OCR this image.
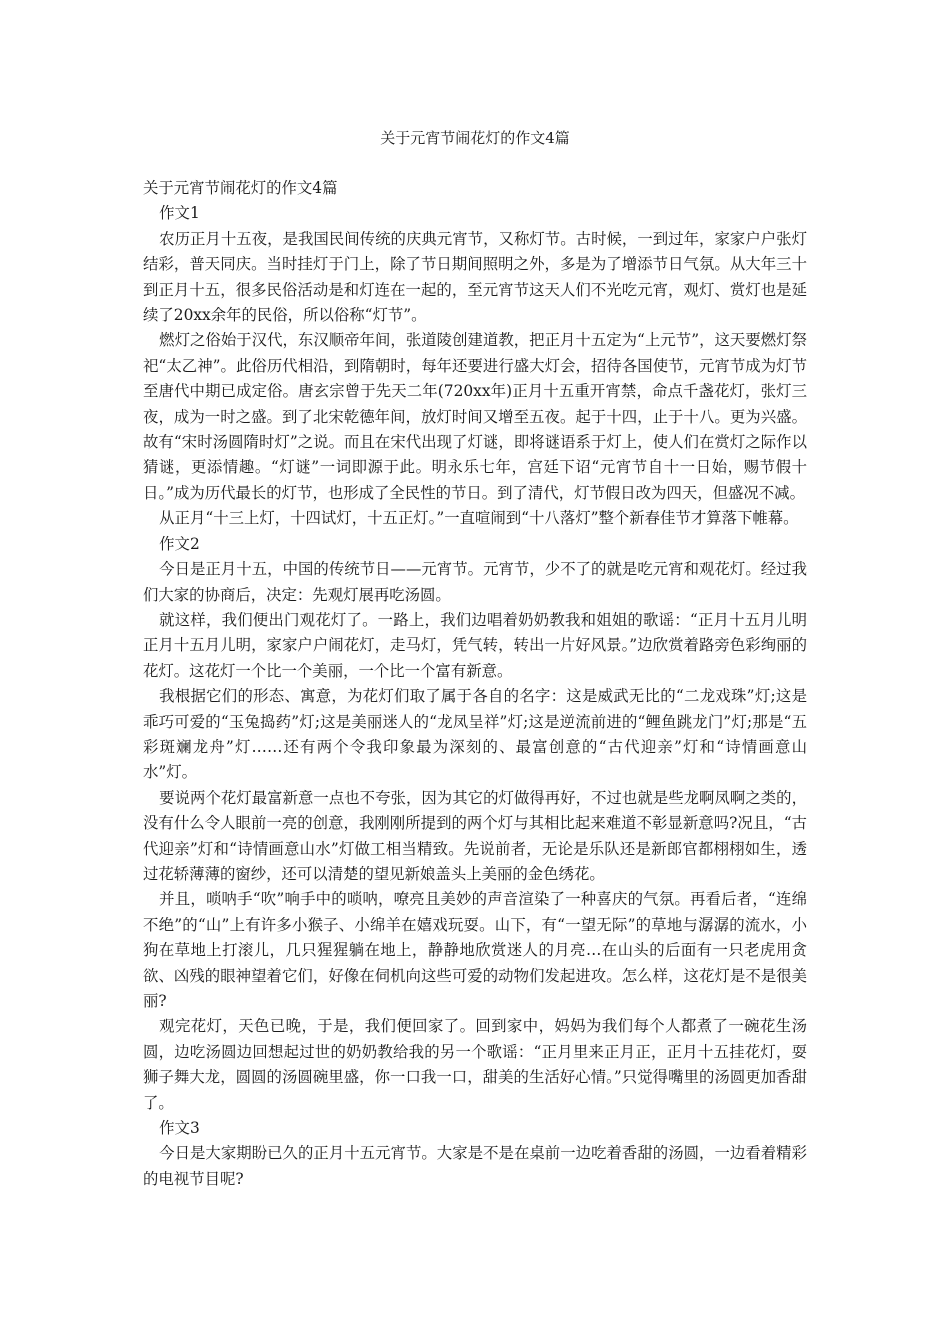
关于元宵节闹花灯的作文4篇

关于元宵节闹花灯的作文4篇

作文1

农历正月十五夜，是我国民间传统的庆典元宵节，又称灯节。古时候，一到过年，家家户户张灯结彩，普天同庆。当时挂灯于门上，除了节日期间照明之外，多是为了增添节日气氛。从大年三十到正月十五，很多民俗活动是和灯连在一起的，至元宵节这天人们不光吃元宵，观灯、赏灯也是延续了20xx余年的民俗，所以俗称“灯节”。

燃灯之俗始于汉代，东汉顺帝年间，张道陵创建道教，把正月十五定为“上元节”，这天要燃灯祭祀“太乙神”。此俗历代相沿，到隋朝时，每年还要进行盛大灯会，招待各国使节，元宵节成为灯节至唐代中期已成定俗。唐玄宗曾于先天二年(720xx年)正月十五重开宵禁，命点千盏花灯，张灯三夜，成为一时之盛。到了北宋乾德年间，放灯时间又增至五夜。起于十四，止于十八。更为兴盛。故有“宋时汤圆隋时灯”之说。而且在宋代出现了灯谜，即将谜语系于灯上，使人们在赏灯之际作以猜谜，更添情趣。“灯谜”一词即源于此。明永乐七年，宫廷下诏“元宵节自十一日始，赐节假十日。”成为历代最长的灯节，也形成了全民性的节日。到了清代，灯节假日改为四天，但盛况不减。

从正月“十三上灯，十四试灯，十五正灯。”一直喧闹到“十八落灯”整个新春佳节才算落下帷幕。

作文2

今日是正月十五，中国的传统节日——元宵节。元宵节，少不了的就是吃元宵和观花灯。经过我们大家的协商后，决定：先观灯展再吃汤圆。

就这样，我们便出门观花灯了。一路上，我们边唱着奶奶教我和姐姐的歌谣：“正月十五月儿明正月十五月儿明，家家户户闹花灯，走马灯，凭气转，转出一片好风景。”边欣赏着路旁色彩绚丽的花灯。这花灯一个比一个美丽，一个比一个富有新意。

我根据它们的形态、寓意，为花灯们取了属于各自的名字：这是威武无比的“二龙戏珠”灯;这是乖巧可爱的“玉兔捣药”灯;这是美丽迷人的“龙凤呈祥”灯;这是逆流前进的“鲤鱼跳龙门”灯;那是“五彩斑斓龙舟”灯……还有两个令我印象最为深刻的、最富创意的“古代迎亲”灯和“诗情画意山水”灯。

要说两个花灯最富新意一点也不夸张，因为其它的灯做得再好，不过也就是些龙啊凤啊之类的，没有什么令人眼前一亮的创意，我刚刚所提到的两个灯与其相比起来难道不彰显新意吗?况且，“古代迎亲”灯和“诗情画意山水”灯做工相当精致。先说前者，无论是乐队还是新郎官都栩栩如生，透过花轿薄薄的窗纱，还可以清楚的望见新娘盖头上美丽的金色绣花。

并且，唢呐手“吹”响手中的唢呐，嘹亮且美妙的声音渲染了一种喜庆的气氛。再看后者，“连绵不绝”的“山”上有许多小猴子、小绵羊在嬉戏玩耍。山下，有“一望无际”的草地与潺潺的流水，小狗在草地上打滚儿，几只猩猩躺在地上，静静地欣赏迷人的月亮…在山头的后面有一只老虎用贪欲、凶残的眼神望着它们，好像在伺机向这些可爱的动物们发起进攻。怎么样，这花灯是不是很美丽?

观完花灯，天色已晚，于是，我们便回家了。回到家中，妈妈为我们每个人都煮了一碗花生汤圆，边吃汤圆边回想起过世的奶奶教给我的另一个歌谣：“正月里来正月正，正月十五挂花灯，耍狮子舞大龙，圆圆的汤圆碗里盛，你一口我一口，甜美的生活好心情。”只觉得嘴里的汤圆更加香甜了。

作文3

今日是大家期盼已久的正月十五元宵节。大家是不是在桌前一边吃着香甜的汤圆，一边看着精彩的电视节目呢?
